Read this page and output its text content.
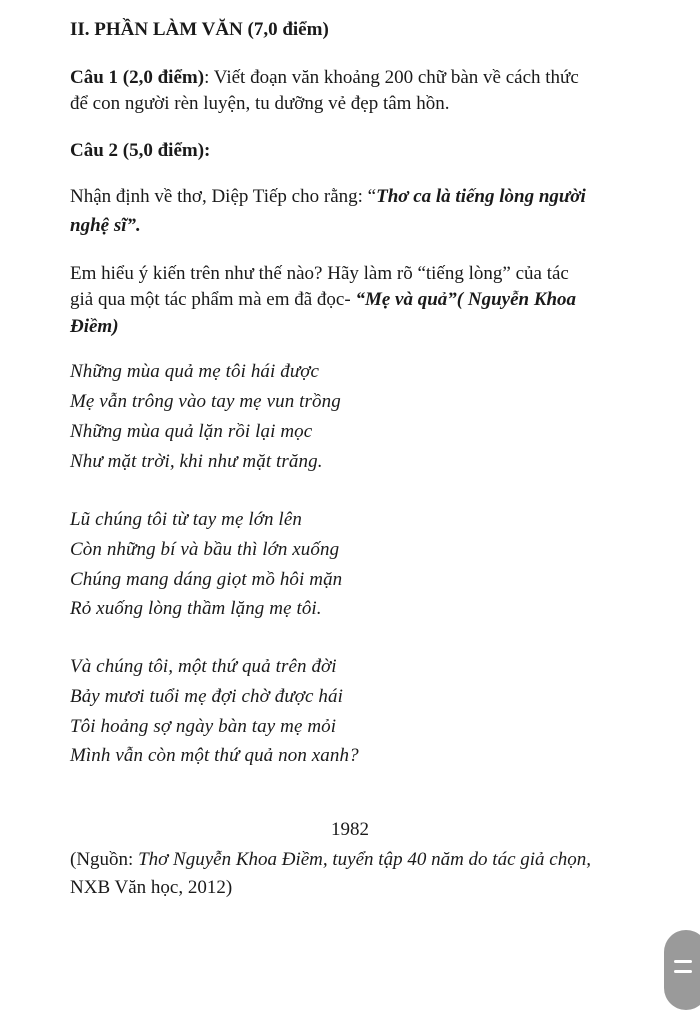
II. PHẦN LÀM VĂN (7,0 điểm)
Câu 1 (2,0 điểm): Viết đoạn văn khoảng 200 chữ bàn về cách thức
để con người rèn luyện, tu dưỡng vẻ đẹp tâm hồn.
Câu 2 (5,0 điểm):
Nhận định về thơ, Diệp Tiếp cho rằng: “Thơ ca là tiếng lòng người
nghệ sĩ”.
Em hiểu ý kiến trên như thế nào? Hãy làm rõ “tiếng lòng” của tác
giả qua một tác phẩm mà em đã đọc- “Mẹ và quả”( Nguyễn Khoa
Điềm)
Những mùa quả mẹ tôi hái được
Mẹ vẫn trông vào tay mẹ vun trồng
Những mùa quả lặn rồi lại mọc
Như mặt trời, khi như mặt trăng.
Lũ chúng tôi từ tay mẹ lớn lên
Còn những bí và bầu thì lớn xuống
Chúng mang dáng giọt mồ hôi mặn
Rỏ xuống lòng thầm lặng mẹ tôi.
Và chúng tôi, một thứ quả trên đời
Bảy mươi tuổi mẹ đợi chờ được hái
Tôi hoảng sợ ngày bàn tay mẹ mỏi
Mình vẫn còn một thứ quả non xanh?
1982
(Nguồn: Thơ Nguyễn Khoa Điềm, tuyển tập 40 năm do tác giả chọn,
NXB Văn học, 2012)
